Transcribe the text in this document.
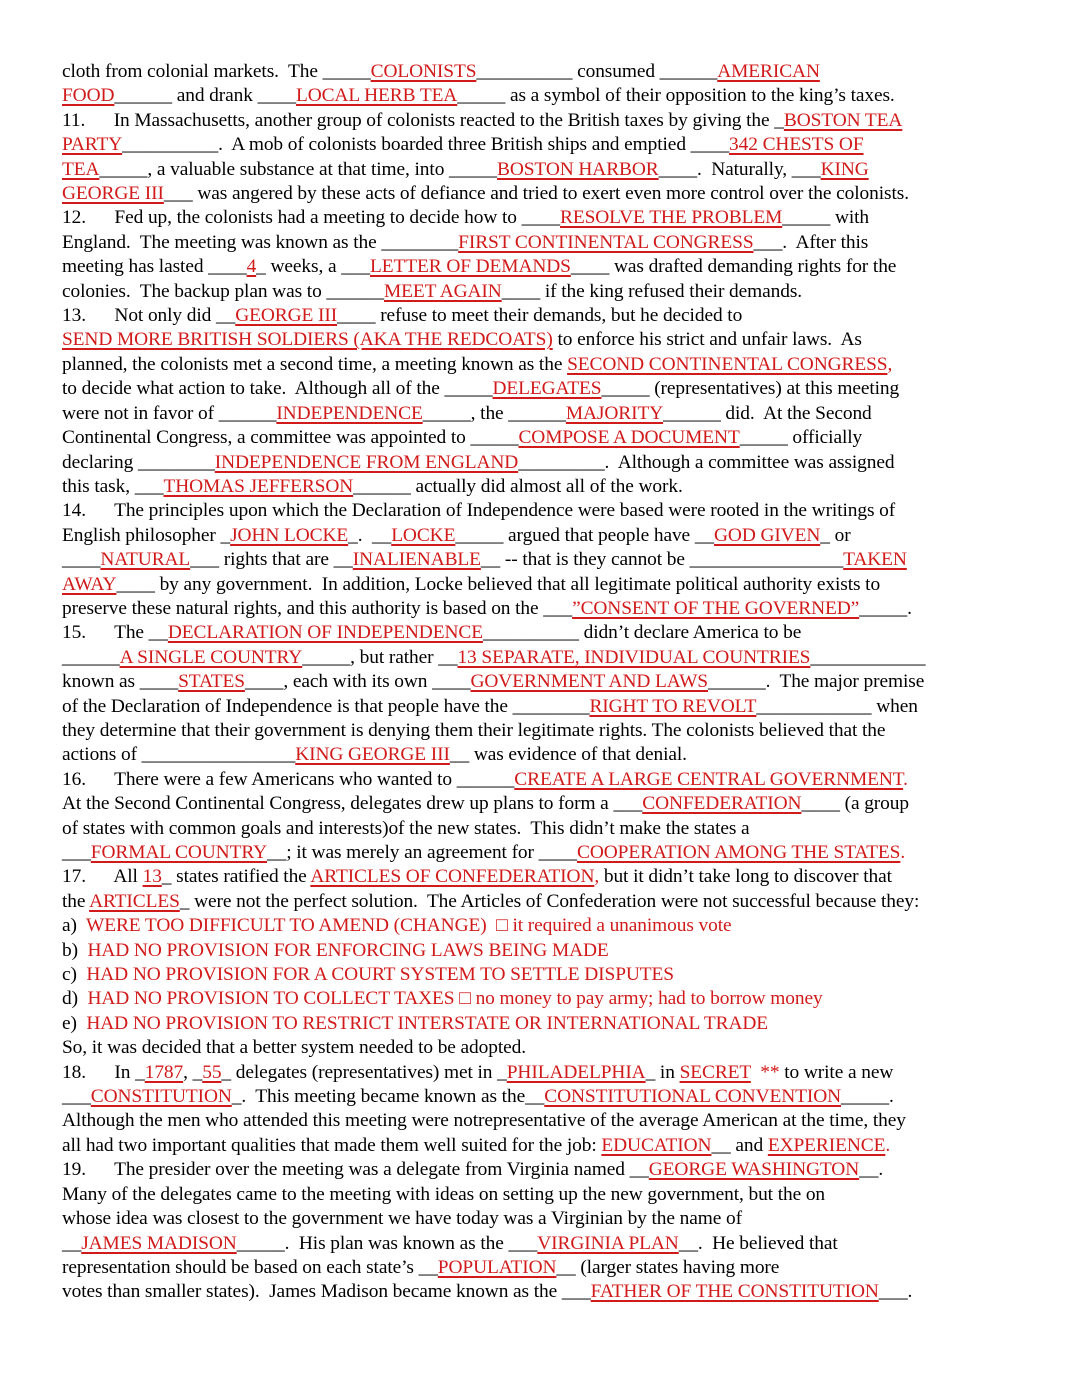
cloth from colonial markets.  The _____COLONISTS__________ consumed ______AMERICAN
FOOD______ and drank ____LOCAL HERB TEA_____ as a symbol of their opposition to the king’s taxes.
11.      In Massachusetts, another group of colonists reacted to the British taxes by giving the _BOSTON TEA
PARTY__________.  A mob of colonists boarded three British ships and emptied ____342 CHESTS OF
TEA_____, a valuable substance at that time, into _____BOSTON HARBOR____.  Naturally, ___KING
GEORGE III___ was angered by these acts of defiance and tried to exert even more control over the colonists.
12.      Fed up, the colonists had a meeting to decide how to ____RESOLVE THE PROBLEM_____ with
England.  The meeting was known as the ________FIRST CONTINENTAL CONGRESS___.  After this
meeting has lasted ____4_ weeks, a ___LETTER OF DEMANDS____ was drafted demanding rights for the
colonies.  The backup plan was to ______MEET AGAIN____ if the king refused their demands.
13.      Not only did __GEORGE III____ refuse to meet their demands, but he decided to
SEND MORE BRITISH SOLDIERS (AKA THE REDCOATS) to enforce his strict and unfair laws.  As
planned, the colonists met a second time, a meeting known as the SECOND CONTINENTAL CONGRESS,
to decide what action to take.  Although all of the _____DELEGATES_____ (representatives) at this meeting
were not in favor of ______INDEPENDENCE_____, the ______MAJORITY______ did.  At the Second
Continental Congress, a committee was appointed to _____COMPOSE A DOCUMENT_____ officially
declaring ________INDEPENDENCE FROM ENGLAND_________.  Although a committee was assigned
this task, ___THOMAS JEFFERSON______ actually did almost all of the work.
14.      The principles upon which the Declaration of Independence were based were rooted in the writings of
English philosopher _JOHN LOCKE_.  __LOCKE_____ argued that people have __GOD GIVEN_ or
____NATURAL___ rights that are __INALIENABLE__ -- that is they cannot be ________________TAKEN
AWAY____ by any government.  In addition, Locke believed that all legitimate political authority exists to
preserve these natural rights, and this authority is based on the ___”CONSENT OF THE GOVERNED”_____.
15.      The __DECLARATION OF INDEPENDENCE__________ didn’t declare America to be
______A SINGLE COUNTRY_____, but rather __13 SEPARATE, INDIVIDUAL COUNTRIES____________
known as ____STATES____, each with its own ____GOVERNMENT AND LAWS______.  The major premise
of the Declaration of Independence is that people have the ________RIGHT TO REVOLT____________ when
they determine that their government is denying them their legitimate rights. The colonists believed that the
actions of ________________KING GEORGE III__ was evidence of that denial.
16.      There were a few Americans who wanted to ______CREATE A LARGE CENTRAL GOVERNMENT.
At the Second Continental Congress, delegates drew up plans to form a ___CONFEDERATION____ (a group
of states with common goals and interests)of the new states.  This didn’t make the states a
___FORMAL COUNTRY__; it was merely an agreement for ____COOPERATION AMONG THE STATES.
17.      All 13_ states ratified the ARTICLES OF CONFEDERATION, but it didn’t take long to discover that
the ARTICLES_ were not the perfect solution.  The Articles of Confederation were not successful because they:
a)  WERE TOO DIFFICULT TO AMEND (CHANGE)  □ it required a unanimous vote
b)  HAD NO PROVISION FOR ENFORCING LAWS BEING MADE
c)  HAD NO PROVISION FOR A COURT SYSTEM TO SETTLE DISPUTES
d)  HAD NO PROVISION TO COLLECT TAXES □ no money to pay army; had to borrow money
e)  HAD NO PROVISION TO RESTRICT INTERSTATE OR INTERNATIONAL TRADE
So, it was decided that a better system needed to be adopted.
18.      In _1787, _55_ delegates (representatives) met in _PHILADELPHIA_ in SECRET  ** to write a new
___CONSTITUTION_.  This meeting became known as the__CONSTITUTIONAL CONVENTION_____.
Although the men who attended this meeting were notrepresentative of the average American at the time, they
all had two important qualities that made them well suited for the job: EDUCATION__ and EXPERIENCE.
19.      The presider over the meeting was a delegate from Virginia named __GEORGE WASHINGTON__.
Many of the delegates came to the meeting with ideas on setting up the new government, but the on
whose idea was closest to the government we have today was a Virginian by the name of
__JAMES MADISON_____.  His plan was known as the ___VIRGINIA PLAN__.  He believed that
representation should be based on each state’s __POPULATION__ (larger states having more
votes than smaller states).  James Madison became known as the ___FATHER OF THE CONSTITUTION___.
